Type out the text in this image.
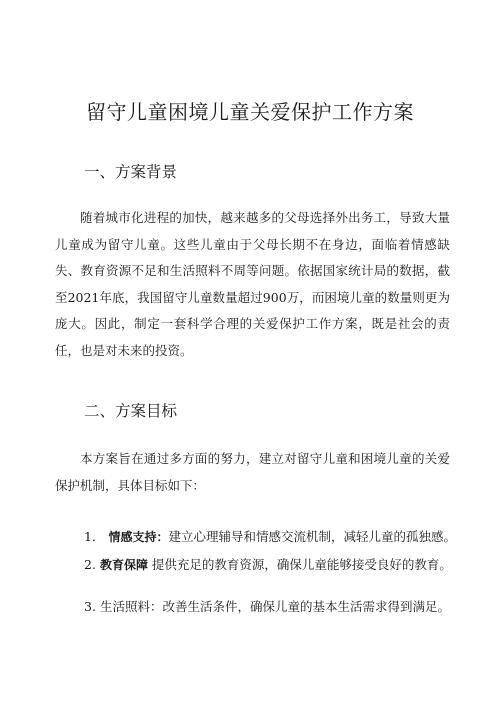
留守儿童困境儿童关爱保护工作方案
一、方案背景

随着城市化进程的加快，越来越多的父母选择外出务工，导致大量儿童成为留守儿童。这些儿童由于父母长期不在身边，面临着情感缺失、教育资源不足和生活照料不周等问题。依据国家统计局的数据，截至2021年底，我国留守儿童数量超过900万，而困境儿童的数量则更为庞大。因此，制定一套科学合理的关爱保护工作方案，既是社会的责任，也是对未来的投资。

二、方案目标

本方案旨在通过多方面的努力，建立对留守儿童和困境儿童的关爱保护机制，具体目标如下：

1． 情感支持：建立心理辅导和情感交流机制，减轻儿童的孤独感。
2. 教育保障 提供充足的教育资源，确保儿童能够接受良好的教育。
3. 生活照料：改善生活条件，确保儿童的基本生活需求得到满足。
